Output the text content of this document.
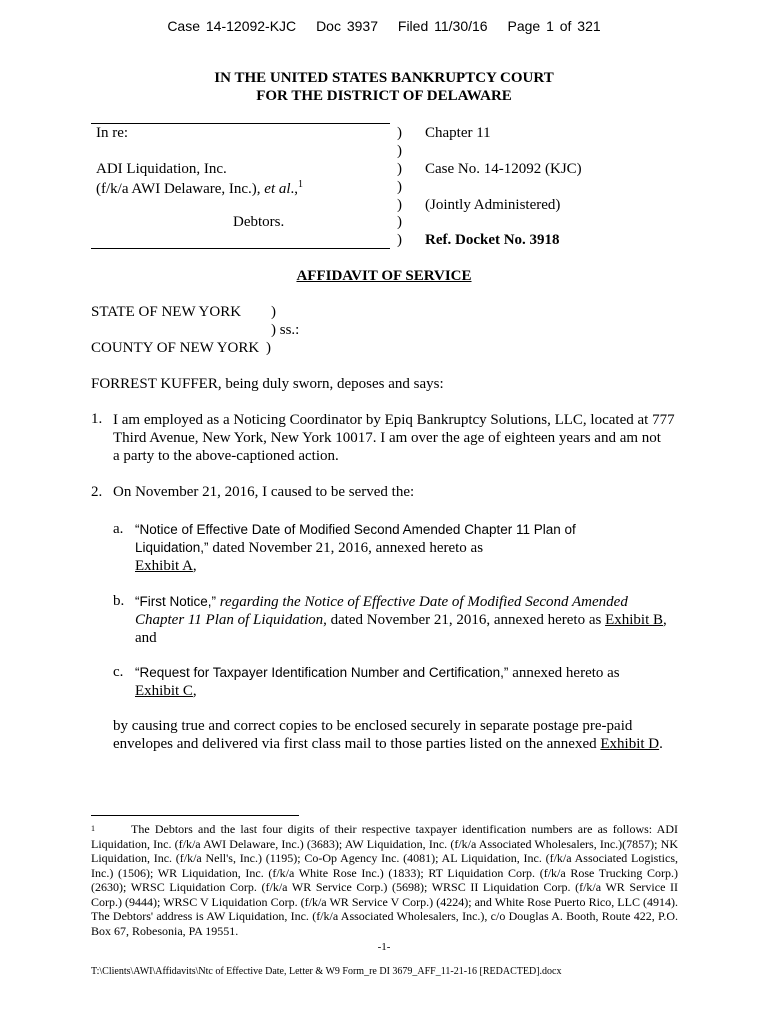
Case 14-12092-KJC Doc 3937 Filed 11/30/16 Page 1 of 321
IN THE UNITED STATES BANKRUPTCY COURT
FOR THE DISTRICT OF DELAWARE
In re:
ADI Liquidation, Inc.
(f/k/a AWI Delaware, Inc.), et al.,$^1$
Debtors.
)
)
)
)
)
)
)
Chapter 11
Case No. 14-12092 (KJC)
(Jointly Administered)
Ref. Docket No. 3918
AFFIDAVIT OF SERVICE
STATE OF NEW YORK )
) ss.:
COUNTY OF NEW YORK )
FORREST KUFFER, being duly sworn, deposes and says:
1. I am employed as a Noticing Coordinator by Epiq Bankruptcy Solutions, LLC, located at 777
Third Avenue, New York, New York 10017. I am over the age of eighteen years and am not
a party to the above-captioned action.
2. On November 21, 2016, I caused to be served the:
a. “Notice of Effective Date of Modified Second Amended Chapter 11 Plan of
Liquidation,” dated November 21, 2016, annexed hereto as
Exhibit A,
b. “First Notice,” regarding the Notice of Effective Date of Modified Second Amended
Chapter 11 Plan of Liquidation, dated November 21, 2016, annexed hereto as Exhibit B,
and
c. “Request for Taxpayer Identification Number and Certification,” annexed hereto as
Exhibit C,
by causing true and correct copies to be enclosed securely in separate postage pre-paid
envelopes and delivered via first class mail to those parties listed on the annexed Exhibit D.
$^1$	The Debtors and the last four digits of their respective taxpayer identification numbers are as follows: ADI Liquidation, Inc. (f/k/a AWI Delaware, Inc.) (3683); AW Liquidation, Inc. (f/k/a Associated Wholesalers, Inc.)(7857); NK Liquidation, Inc. (f/k/a Nell's, Inc.) (1195); Co-Op Agency Inc. (4081); AL Liquidation, Inc. (f/k/a Associated Logistics, Inc.) (1506); WR Liquidation, Inc. (f/k/a White Rose Inc.) (1833); RT Liquidation Corp. (f/k/a Rose Trucking Corp.) (2630); WRSC Liquidation Corp. (f/k/a WR Service Corp.) (5698); WRSC II Liquidation Corp. (f/k/a WR Service II Corp.) (9444); WRSC V Liquidation Corp. (f/k/a WR Service V Corp.) (4224); and White Rose Puerto Rico, LLC (4914). The Debtors' address is AW Liquidation, Inc. (f/k/a Associated Wholesalers, Inc.), c/o Douglas A. Booth, Route 422, P.O. Box 67, Robesonia, PA 19551.
-1-
T:\Clients\AWI\Affidavits\Ntc of Effective Date, Letter & W9 Form_re DI 3679_AFF_11-21-16 [REDACTED].docx
